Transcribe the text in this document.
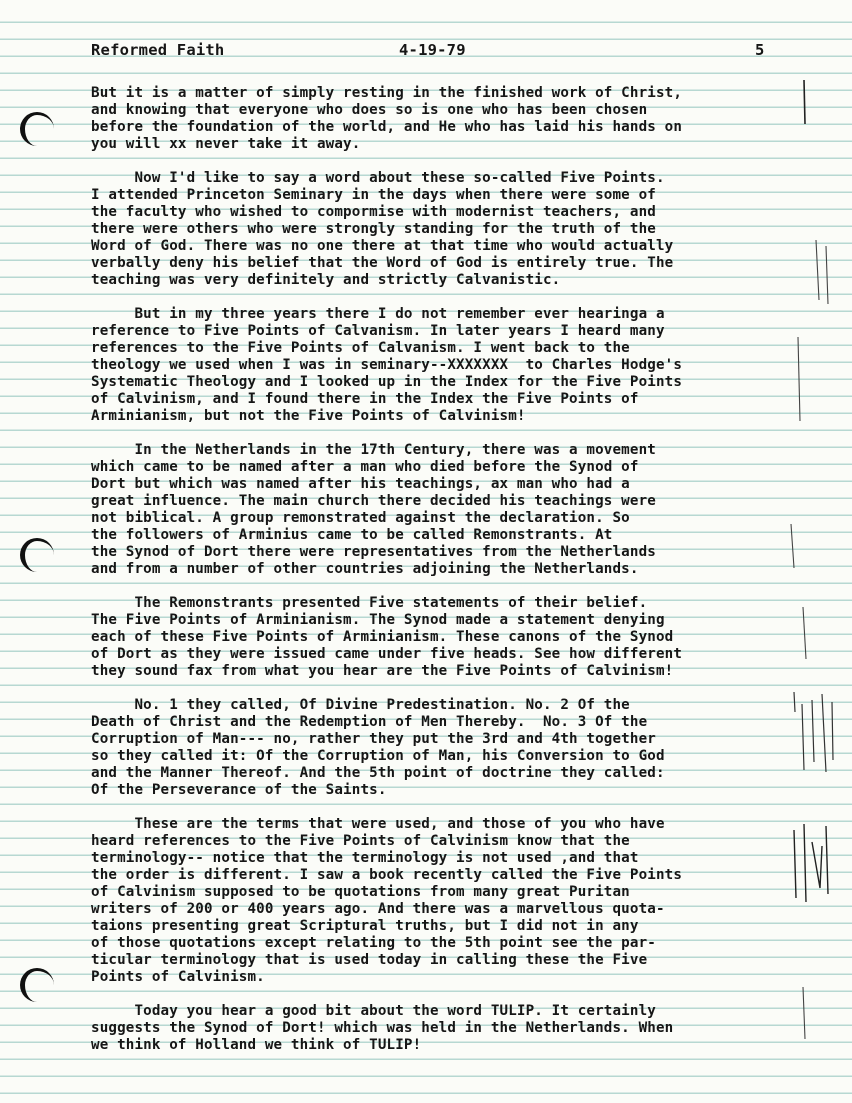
Reformed Faith	4-19-79	5

But it is a matter of simply resting in the finished work of Christ,
and knowing that everyone who does so is one who has been chosen
before the foundation of the world, and He who has laid his hands on
you will xx never take it away.

Now I'd like to say a word about these so-called Five Points.
I attended Princeton Seminary in the days when there were some of
the faculty who wished to compormise with modernist teachers, and
there were others who were strongly standing for the truth of the
Word of God. There was no one there at that time who would actually
verbally deny his belief that the Word of God is entirely true. The
teaching was very definitely and strictly Calvanistic.

But in my three years there I do not remember ever hearinga a
reference to Five Points of Calvanism. In later years I heard many
references to the Five Points of Calvanism. I went back to the
theology we used when I was in seminary--XXXXXXX  to Charles Hodge's
Systematic Theology and I looked up in the Index for the Five Points
of Calvinism, and I found there in the Index the Five Points of
Arminianism, but not the Five Points of Calvinism!

In the Netherlands in the 17th Century, there was a movement
which came to be named after a man who died before the Synod of
Dort but which was named after his teachings, ax man who had a
great influence. The main church there decided his teachings were
not biblical. A group remonstrated against the declaration. So
the followers of Arminius came to be called Remonstrants. At
the Synod of Dort there were representatives from the Netherlands
and from a number of other countries adjoining the Netherlands.

The Remonstrants presented Five statements of their belief.
The Five Points of Arminianism. The Synod made a statement denying
each of these Five Points of Arminianism. These canons of the Synod
of Dort as they were issued came under five heads. See how different
they sound fax from what you hear are the Five Points of Calvinism!

No. 1 they called, Of Divine Predestination. No. 2 Of the
Death of Christ and the Redemption of Men Thereby.  No. 3 Of the
Corruption of Man--- no, rather they put the 3rd and 4th together
so they called it: Of the Corruption of Man, his Conversion to God
and the Manner Thereof. And the 5th point of doctrine they called:
Of the Perseverance of the Saints.

These are the terms that were used, and those of you who have
heard references to the Five Points of Calvinism know that the
terminology-- notice that the terminology is not used ,and that
the order is different. I saw a book recently called the Five Points
of Calvinism supposed to be quotations from many great Puritan
writers of 200 or 400 years ago. And there was a marvellous quota-
taions presenting great Scriptural truths, but I did not in any
of those quotations except relating to the 5th point see the par-
ticular terminology that is used today in calling these the Five
Points of Calvinism.

Today you hear a good bit about the word TULIP. It certainly
suggests the Synod of Dort! which was held in the Netherlands. When
we think of Holland we think of TULIP!
